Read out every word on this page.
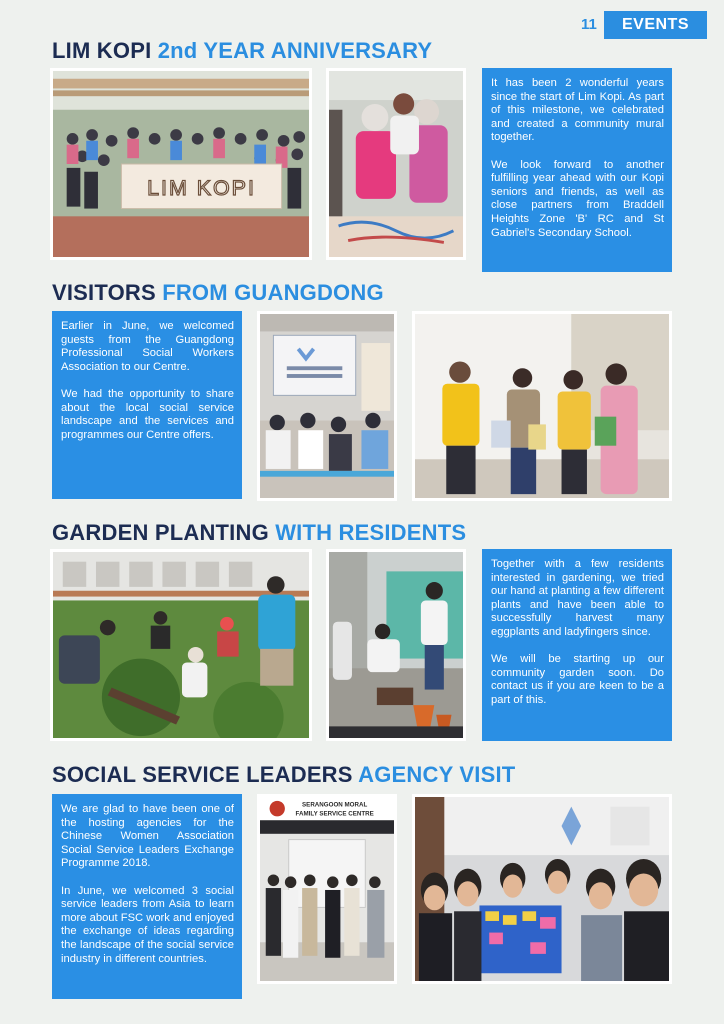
11	EVENTS
LIM KOPI 2nd YEAR ANNIVERSARY
LIM KOPI

It has been 2 wonderful years since the start of Lim Kopi. As part of this milestone, we celebrated and created a community mural together.

We look forward to another fulfilling year ahead with our Kopi seniors and friends, as well as close partners from Braddell Heights Zone 'B' RC and St Gabriel's Secondary School.

VISITORS FROM GUANGDONG

Earlier in June, we welcomed guests from the Guangdong Professional Social Workers Association to our Centre.

We had the opportunity to share about the local social service landscape and the services and programmes our Centre offers.

GARDEN PLANTING WITH RESIDENTS

Together with a few residents interested in gardening, we tried our hand at planting a few different plants and have been able to successfully harvest many eggplants and ladyfingers since.

We will be starting up our community garden soon. Do contact us if you are keen to be a part of this.

SOCIAL SERVICE LEADERS AGENCY VISIT

We are glad to have been one of the hosting agencies for the Chinese Women Association Social Service Leaders Exchange Programme 2018.

In June, we welcomed 3 social service leaders from Asia to learn more about FSC work and enjoyed the exchange of ideas regarding the landscape of the social service industry in different countries.

SERANGOON MORAL
FAMILY SERVICE CENTRE
